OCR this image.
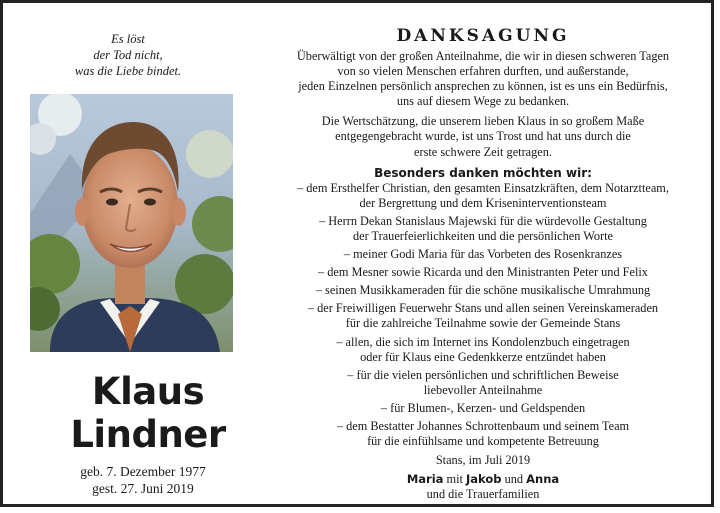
Es löst
der Tod nicht,
was die Liebe bindet.
Klaus
Lindner
geb. 7. Dezember 1977
gest. 27. Juni 2019
DANKSAGUNG
Überwältigt von der großen Anteilnahme, die wir in diesen schweren Tagen
von so vielen Menschen erfahren durften, und außerstande,
jeden Einzelnen persönlich ansprechen zu können, ist es uns ein Bedürfnis,
uns auf diesem Wege zu bedanken.
Die Wertschätzung, die unserem lieben Klaus in so großem Maße
entgegengebracht wurde, ist uns Trost und hat uns durch die
erste schwere Zeit getragen.
Besonders danken möchten wir:
– dem Ersthelfer Christian, den gesamten Einsatzkräften, dem Notarztteam,
der Bergrettung und dem Kriseninterventionsteam
– Herrn Dekan Stanislaus Majewski für die würdevolle Gestaltung
der Trauerfeierlichkeiten und die persönlichen Worte
– meiner Godi Maria für das Vorbeten des Rosenkranzes
– dem Mesner sowie Ricarda und den Ministranten Peter und Felix
– seinen Musikkameraden für die schöne musikalische Umrahmung
– der Freiwilligen Feuerwehr Stans und allen seinen Vereinskameraden
für die zahlreiche Teilnahme sowie der Gemeinde Stans
– allen, die sich im Internet ins Kondolenzbuch eingetragen
oder für Klaus eine Gedenkkerze entzündet haben
– für die vielen persönlichen und schriftlichen Beweise
liebevoller Anteilnahme
– für Blumen-, Kerzen- und Geldspenden
– dem Bestatter Johannes Schrottenbaum und seinem Team
für die einfühlsame und kompetente Betreuung
Stans, im Juli 2019
Maria mit Jakob und Anna
und die Trauerfamilien
